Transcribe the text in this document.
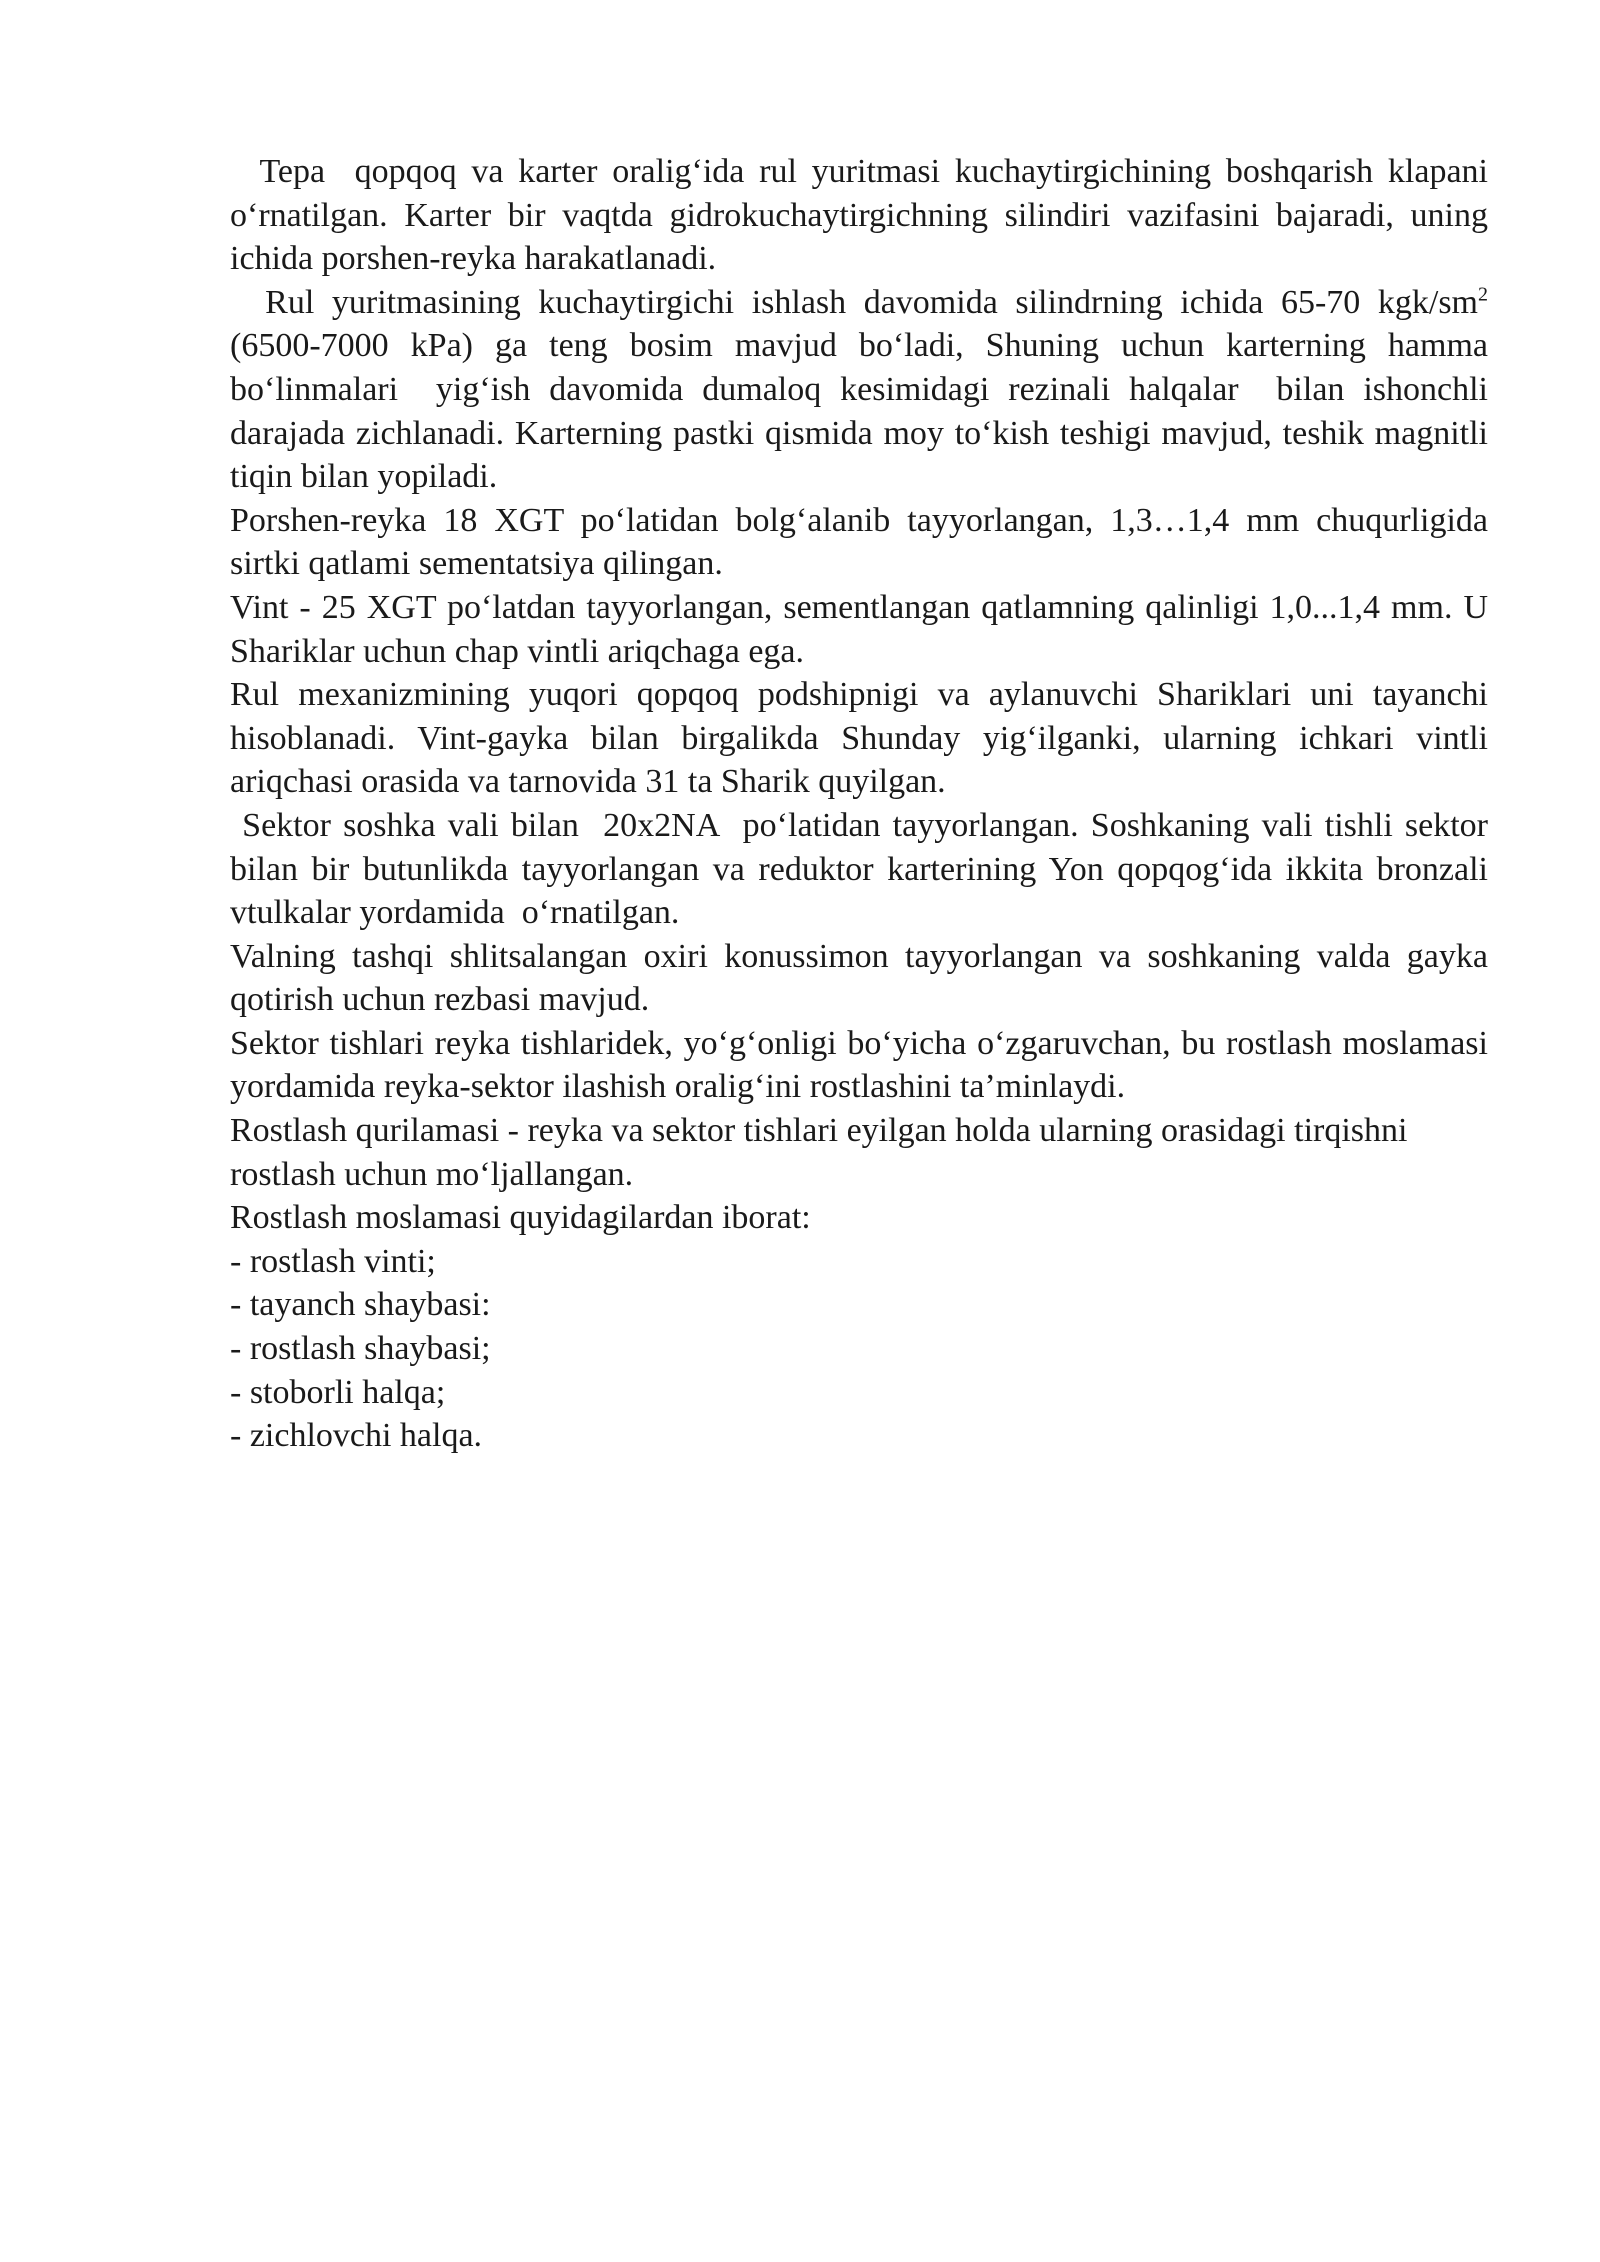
Tepa  qopqoq va karter oralig‘ida rul yuritmasi kuchaytirgichining boshqarish klapani o‘rnatilgan. Karter bir vaqtda gidrokuchaytirgichning silindiri vazifasini bajaradi, uning ichida porshen-reyka harakatlanadi.

Rul yuritmasining kuchaytirgichi ishlash davomida silindrning ichida 65-70 kgk/$sm^2$  (6500-7000 kPa) ga teng bosim mavjud bo‘ladi, Shuning uchun karterning hamma bo‘linmalari  yig‘ish davomida dumaloq kesimidagi rezinali halqalar  bilan ishonchli darajada zichlanadi. Karterning pastki qismida moy to‘kish teshigi mavjud, teshik magnitli tiqin bilan yopiladi.

Porshen-reyka 18 XGT po‘latidan bolg‘alanib tayyorlangan, 1,3…1,4 mm chuqurligida sirtki qatlami sementatsiya qilingan.

Vint - 25 XGT po‘latdan tayyorlangan, sementlangan qatlamning qalinligi 1,0...1,4 mm. U Shariklar uchun chap vintli ariqchaga ega.

Rul mexanizmining yuqori qopqoq podshipnigi va aylanuvchi Shariklari uni tayanchi hisoblanadi. Vint-gayka bilan birgalikda Shunday yig‘ilganki, ularning ichkari vintli ariqchasi orasida va tarnovida 31 ta Sharik quyilgan.

Sektor soshka vali bilan  20x2NA  po‘latidan tayyorlangan. Soshkaning vali tishli sektor bilan bir butunlikda tayyorlangan va reduktor karterining Yon qopqog‘ida ikkita bronzali vtulkalar yordamida  o‘rnatilgan.

Valning tashqi shlitsalangan oxiri konussimon tayyorlangan va soshkaning valda gayka qotirish uchun rezbasi mavjud.

Sektor tishlari reyka tishlaridek, yo‘g‘onligi bo‘yicha o‘zgaruvchan, bu rostlash moslamasi yordamida reyka-sektor ilashish oralig‘ini rostlashini ta’minlaydi.

Rostlash qurilamasi - reyka va sektor tishlari eyilgan holda ularning orasidagi tirqishni rostlash uchun mo‘ljallangan.

Rostlash moslamasi quyidagilardan iborat:

- rostlash vinti;

- tayanch shaybasi:

- rostlash shaybasi;

- stoborli halqa;

- zichlovchi halqa.
